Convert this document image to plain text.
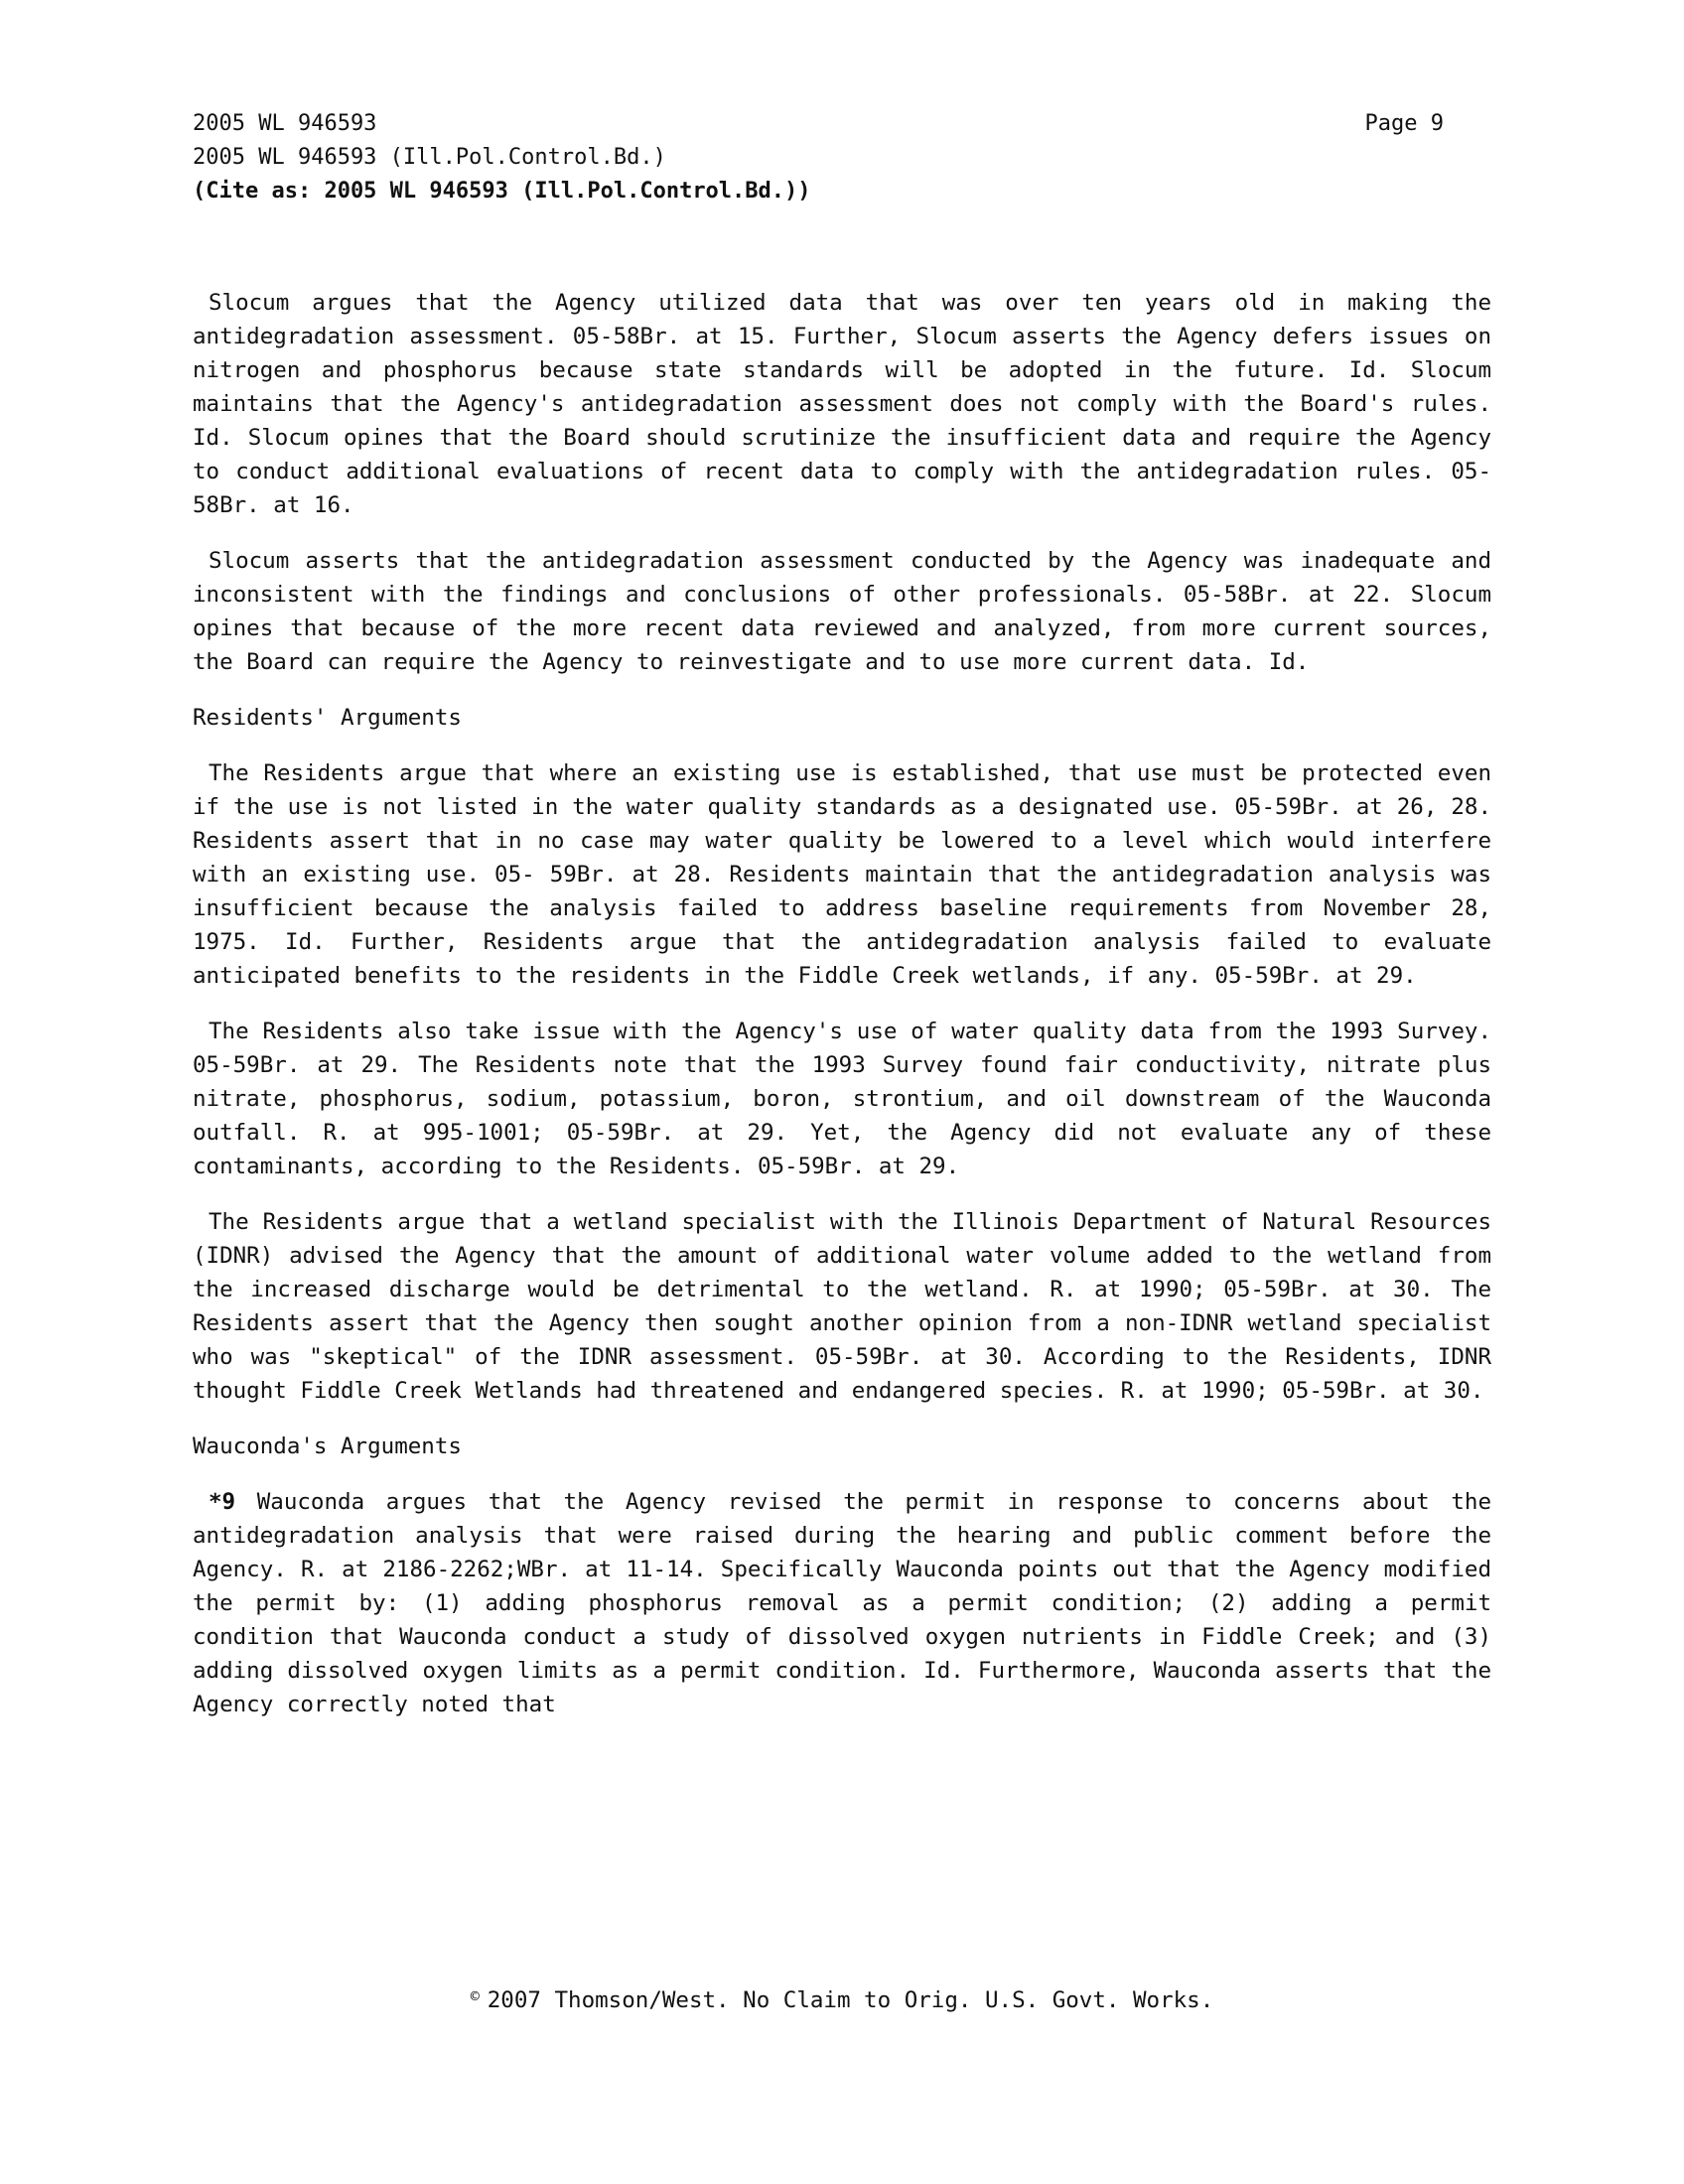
2005 WL 946593
2005 WL 946593 (Ill.Pol.Control.Bd.)
(Cite as: 2005 WL 946593 (Ill.Pol.Control.Bd.))
Page 9

Slocum argues that the Agency utilized data that was over ten years old in making the antidegradation assessment. 05-58Br. at 15. Further, Slocum asserts the Agency defers issues on nitrogen and phosphorus because state standards will be adopted in the future. Id. Slocum maintains that the Agency's antidegradation assessment does not comply with the Board's rules. Id. Slocum opines that the Board should scrutinize the insufficient data and require the Agency to conduct additional evaluations of recent data to comply with the antidegradation rules. 05-58Br. at 16.

Slocum asserts that the antidegradation assessment conducted by the Agency was inadequate and inconsistent with the findings and conclusions of other professionals. 05-58Br. at 22. Slocum opines that because of the more recent data reviewed and analyzed, from more current sources, the Board can require the Agency to reinvestigate and to use more current data. Id.

Residents' Arguments

The Residents argue that where an existing use is established, that use must be protected even if the use is not listed in the water quality standards as a designated use. 05-59Br. at 26, 28. Residents assert that in no case may water quality be lowered to a level which would interfere with an existing use. 05- 59Br. at 28. Residents maintain that the antidegradation analysis was insufficient because the analysis failed to address baseline requirements from November 28, 1975. Id. Further, Residents argue that the antidegradation analysis failed to evaluate anticipated benefits to the residents in the Fiddle Creek wetlands, if any. 05-59Br. at 29.

The Residents also take issue with the Agency's use of water quality data from the 1993 Survey. 05-59Br. at 29. The Residents note that the 1993 Survey found fair conductivity, nitrate plus nitrate, phosphorus, sodium, potassium, boron, strontium, and oil downstream of the Wauconda outfall. R. at 995-1001; 05-59Br. at 29. Yet, the Agency did not evaluate any of these contaminants, according to the Residents. 05-59Br. at 29.

The Residents argue that a wetland specialist with the Illinois Department of Natural Resources (IDNR) advised the Agency that the amount of additional water volume added to the wetland from the increased discharge would be detrimental to the wetland. R. at 1990; 05-59Br. at 30. The Residents assert that the Agency then sought another opinion from a non-IDNR wetland specialist who was "skeptical" of the IDNR assessment. 05-59Br. at 30. According to the Residents, IDNR thought Fiddle Creek Wetlands had threatened and endangered species. R. at 1990; 05-59Br. at 30.

Wauconda's Arguments

*9 Wauconda argues that the Agency revised the permit in response to concerns about the antidegradation analysis that were raised during the hearing and public comment before the Agency. R. at 2186-2262;WBr. at 11-14. Specifically Wauconda points out that the Agency modified the permit by: (1) adding phosphorus removal as a permit condition; (2) adding a permit condition that Wauconda conduct a study of dissolved oxygen nutrients in Fiddle Creek; and (3) adding dissolved oxygen limits as a permit condition. Id. Furthermore, Wauconda asserts that the Agency correctly noted that

© 2007 Thomson/West. No Claim to Orig. U.S. Govt. Works.
